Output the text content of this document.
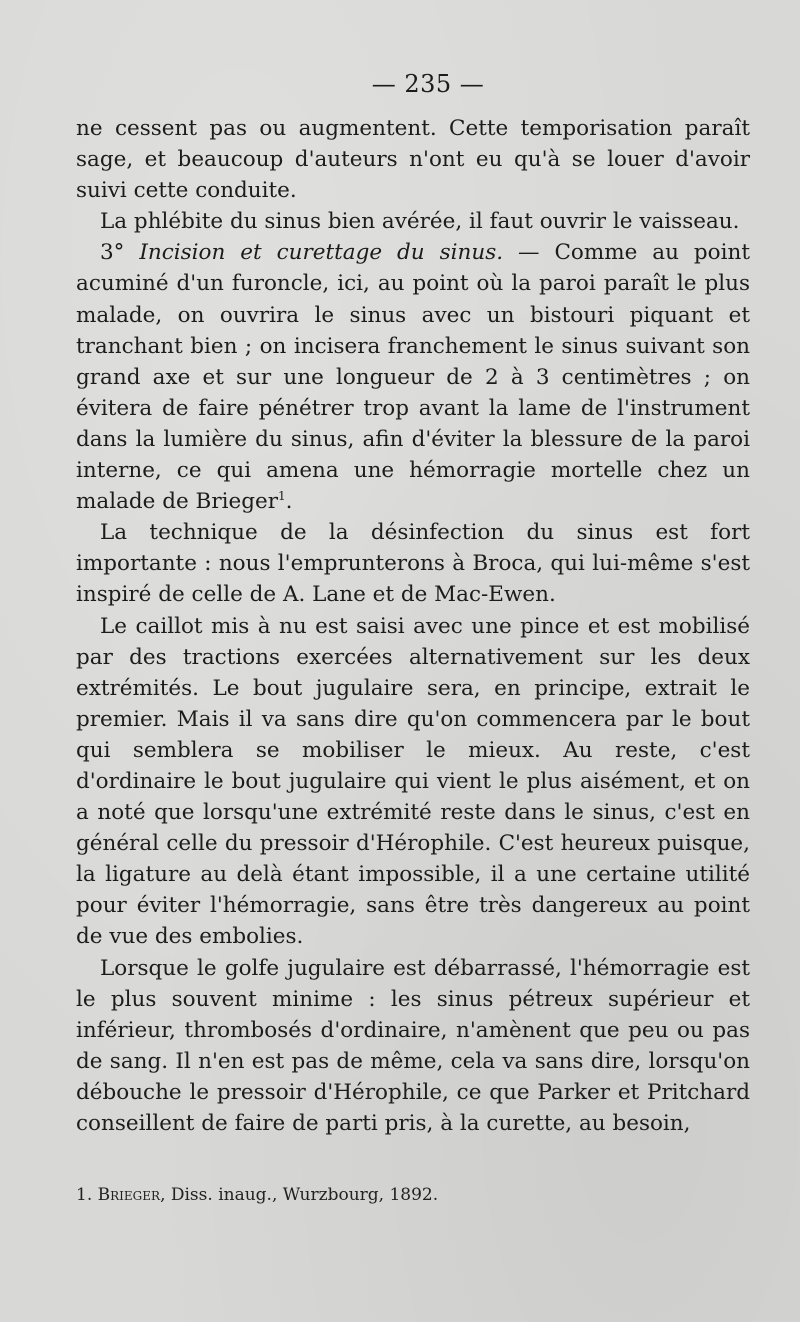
— 235 —

ne cessent pas ou augmentent. Cette temporisation paraît sage, et beaucoup d'auteurs n'ont eu qu'à se louer d'avoir suivi cette conduite.

La phlébite du sinus bien avérée, il faut ouvrir le vaisseau.

3° Incision et curettage du sinus. — Comme au point acuminé d'un furoncle, ici, au point où la paroi paraît le plus malade, on ouvrira le sinus avec un bistouri piquant et tranchant bien ; on incisera franchement le sinus suivant son grand axe et sur une longueur de 2 à 3 centimètres ; on évitera de faire pénétrer trop avant la lame de l'instrument dans la lumière du sinus, afin d'éviter la blessure de la paroi interne, ce qui amena une hémorragie mortelle chez un malade de Brieger$^1$.

La technique de la désinfection du sinus est fort importante : nous l'emprunterons à Broca, qui lui-même s'est inspiré de celle de A. Lane et de Mac-Ewen.

Le caillot mis à nu est saisi avec une pince et est mobilisé par des tractions exercées alternativement sur les deux extrémités. Le bout jugulaire sera, en principe, extrait le premier. Mais il va sans dire qu'on commencera par le bout qui semblera se mobiliser le mieux. Au reste, c'est d'ordinaire le bout jugulaire qui vient le plus aisément, et on a noté que lorsqu'une extrémité reste dans le sinus, c'est en général celle du pressoir d'Hérophile. C'est heureux puisque, la ligature au delà étant impossible, il a une certaine utilité pour éviter l'hémorragie, sans être très dangereux au point de vue des embolies.

Lorsque le golfe jugulaire est débarrassé, l'hémorragie est le plus souvent minime : les sinus pétreux supérieur et inférieur, thrombosés d'ordinaire, n'amènent que peu ou pas de sang. Il n'en est pas de même, cela va sans dire, lorsqu'on débouche le pressoir d'Hérophile, ce que Parker et Pritchard conseillent de faire de parti pris, à la curette, au besoin,

1. Brieger, Diss. inaug., Wurzbourg, 1892.
